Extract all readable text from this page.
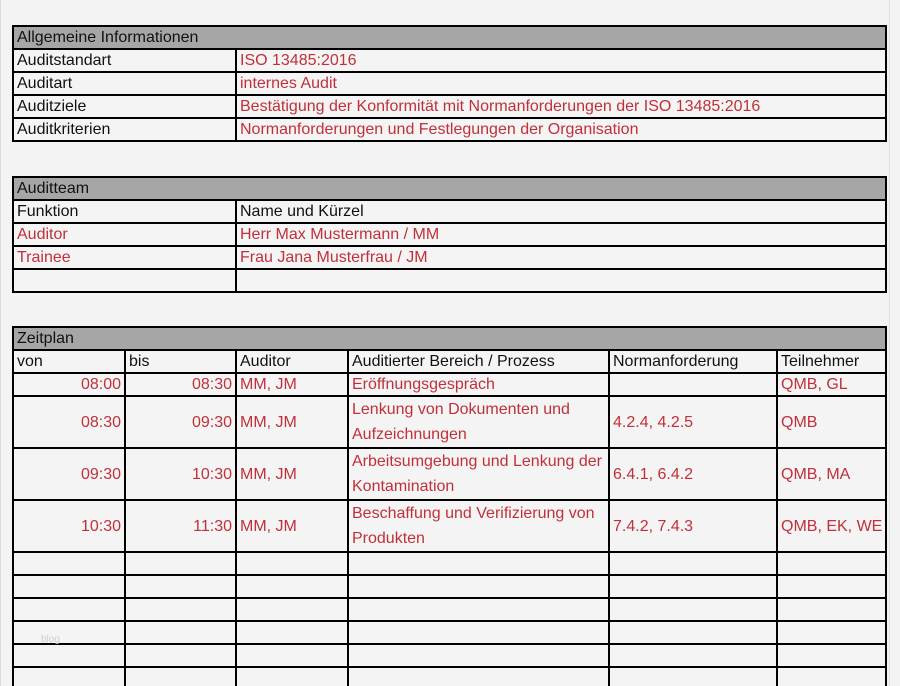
Allgemeine Informationen	
Auditstandart	ISO 13485:2016
Auditart	internes Audit
Auditziele	Bestätigung der Konformität mit Normanforderungen der ISO 13485:2016
Auditkriterien	Normanforderungen und Festlegungen der Organisation
Auditteam	
Funktion	Name und Kürzel
Auditor	Herr Max Mustermann / MM
Trainee	Frau Jana Musterfrau / JM

Zeitplan					
von	bis	Auditor	Auditierter Bereich / Prozess	Normanforderung	Teilnehmer
08:00	08:30	MM, JM	Eröffnungsgespräch		QMB, GL
08:30	09:30	MM, JM	Lenkung von Dokumenten und Aufzeichnungen	4.2.4, 4.2.5	QMB
09:30	10:30	MM, JM	Arbeitsumgebung und Lenkung der Kontamination	6.4.1, 6.4.2	QMB, MA
10:30	11:30	MM, JM	Beschaffung und Verifizierung von Produkten	7.4.2, 7.4.3	QMB, EK, WE

blog
